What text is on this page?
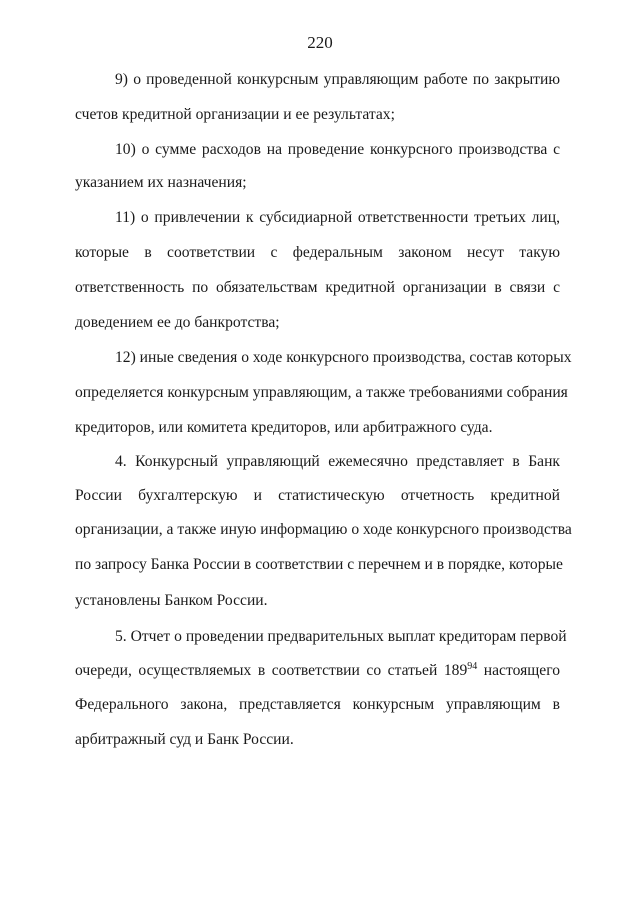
220
9) о проведенной конкурсным управляющим работе по закрытию
счетов кредитной организации и ее результатах;
10) о сумме расходов на проведение конкурсного производства с
указанием их назначения;
11) о привлечении к субсидиарной ответственности третьих лиц,
которые в соответствии с федеральным законом несут такую
ответственность по обязательствам кредитной организации в связи с
доведением ее до банкротства;
12) иные сведения о ходе конкурсного производства, состав которых
определяется конкурсным управляющим, а также требованиями собрания
кредиторов, или комитета кредиторов, или арбитражного суда.
4. Конкурсный управляющий ежемесячно представляет в Банк
России бухгалтерскую и статистическую отчетность кредитной
организации, а также иную информацию о ходе конкурсного производства
по запросу Банка России в соответствии с перечнем и в порядке, которые
установлены Банком России.
5. Отчет о проведении предварительных выплат кредиторам первой
очереди, осуществляемых в соответствии со статьей $189^{94}$ настоящего
Федерального закона, представляется конкурсным управляющим в
арбитражный суд и Банк России.
